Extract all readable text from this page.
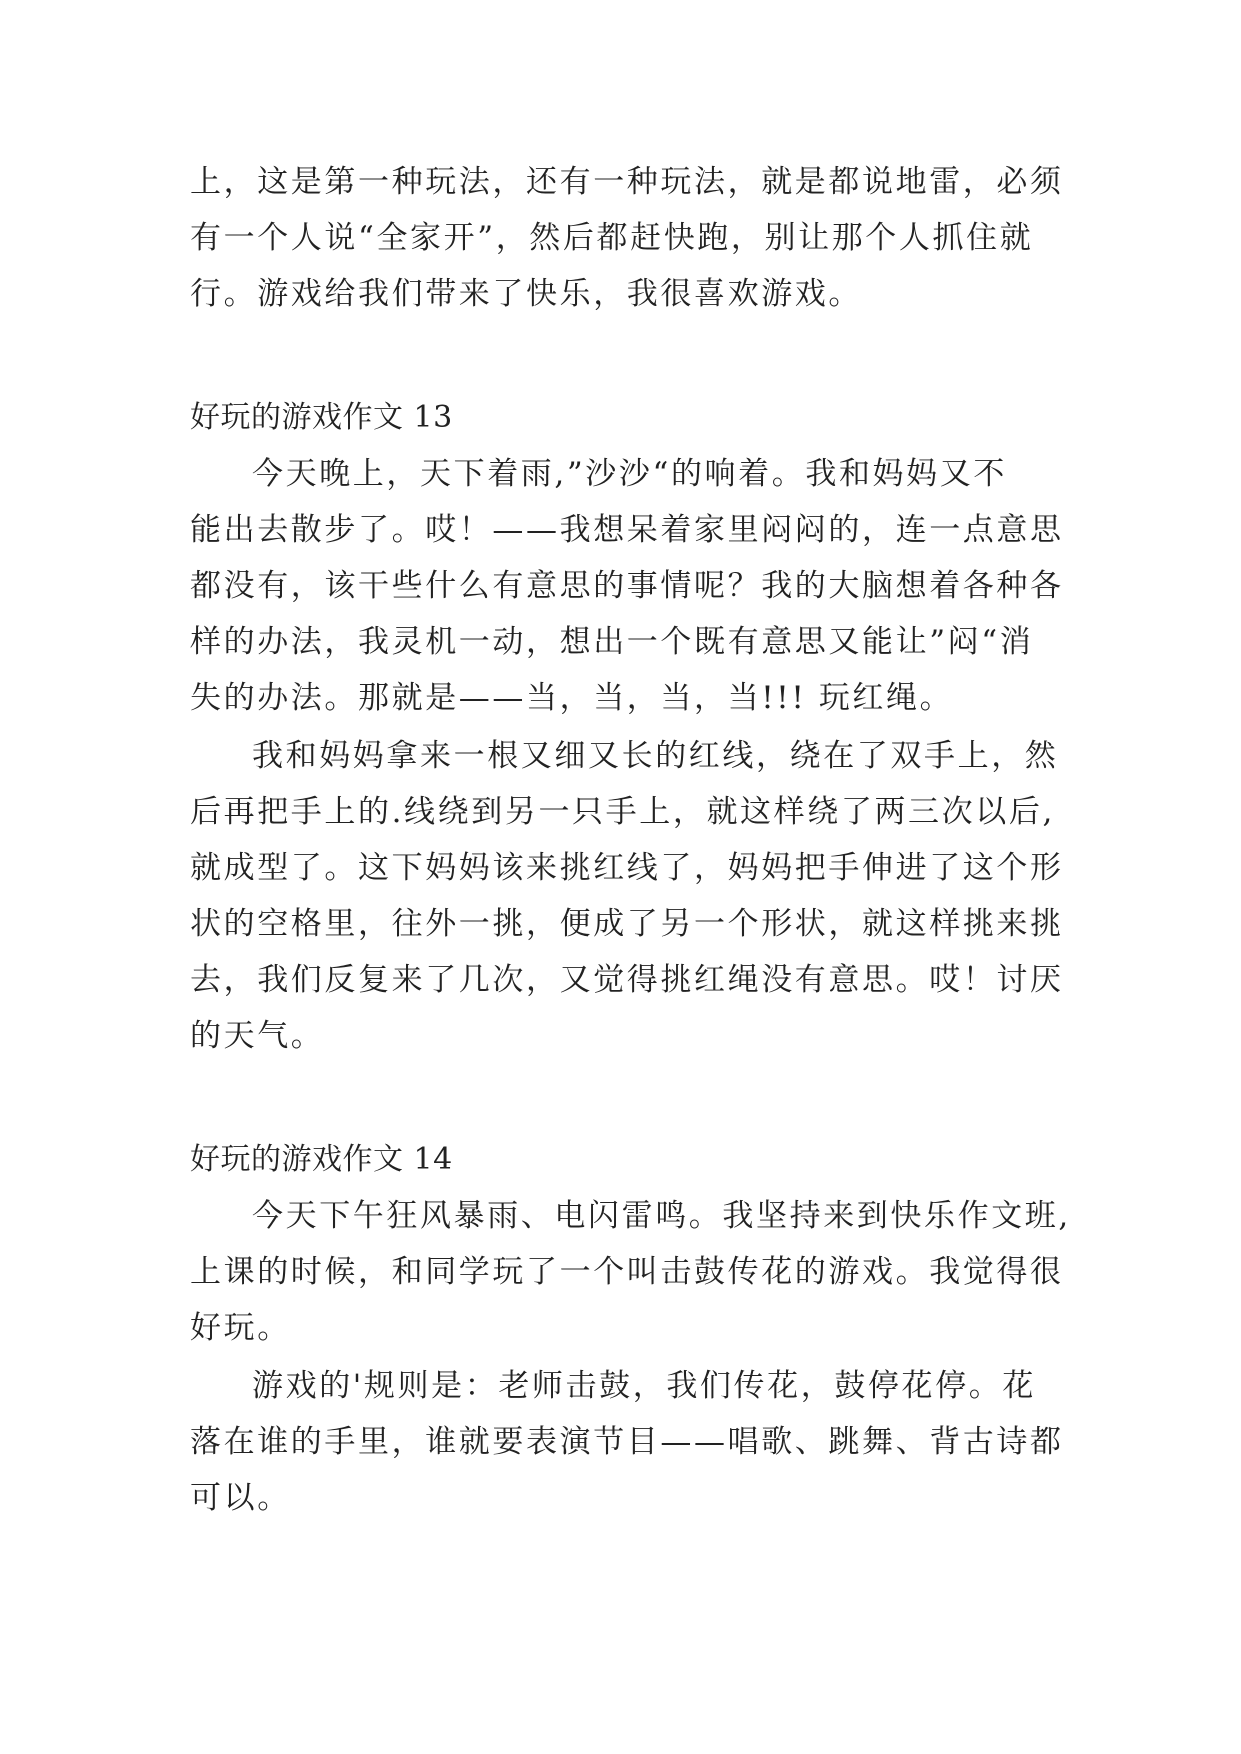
上，这是第一种玩法，还有一种玩法，就是都说地雷，必须
有一个人说“全家开”，然后都赶快跑，别让那个人抓住就
行。游戏给我们带来了快乐，我很喜欢游戏。
好玩的游戏作文 13
今天晚上，天下着雨,”沙沙“的响着。我和妈妈又不
能出去散步了。哎！——我想呆着家里闷闷的，连一点意思
都没有，该干些什么有意思的事情呢？我的大脑想着各种各
样的办法，我灵机一动，想出一个既有意思又能让”闷“消
失的办法。那就是——当，当，当，当!!! 玩红绳。
我和妈妈拿来一根又细又长的红线，绕在了双手上，然
后再把手上的.线绕到另一只手上，就这样绕了两三次以后,
就成型了。这下妈妈该来挑红线了，妈妈把手伸进了这个形
状的空格里，往外一挑，便成了另一个形状，就这样挑来挑
去，我们反复来了几次，又觉得挑红绳没有意思。哎！讨厌
的天气。
好玩的游戏作文 14
今天下午狂风暴雨、电闪雷鸣。我坚持来到快乐作文班,
上课的时候，和同学玩了一个叫击鼓传花的游戏。我觉得很
好玩。
游戏的'规则是：老师击鼓，我们传花，鼓停花停。花
落在谁的手里，谁就要表演节目——唱歌、跳舞、背古诗都
可以。
